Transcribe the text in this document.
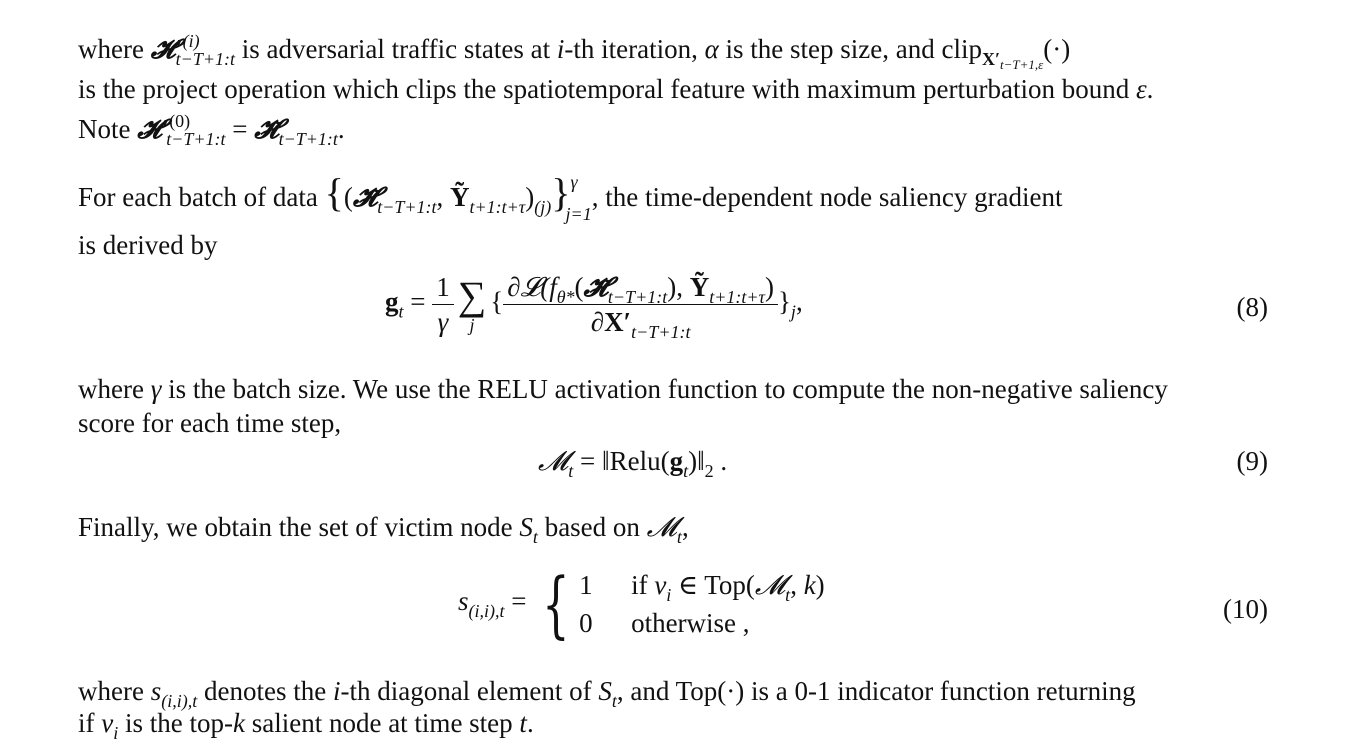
where $𝓗'^{(i)}_{t-T+1:t}$ is adversarial traffic states at i-th iteration, α is the step size, and clip$_{X'_{t-T+1,\varepsilon}}$(·)
is the project operation which clips the spatiotemporal feature with maximum perturbation bound ε.
Note $𝓗'^{(0)}_{t-T+1:t}$ = $𝓗̃_{t-T+1:t}$.
For each batch of data {($𝓗̃_{t-T+1:t}$, $Ỹ_{t+1:t+\tau})_{(j)}\}^\gamma_{j=1}$, the time-dependent node saliency gradient
is derived by
$g_t = \frac{1}{\gamma}$ ∑
j
{ $\frac{\partial 𝓛(f_{\theta*}(𝓗̃_{t-T+1:t}), Ỹ_{t+1:t+\tau})}{\partial X'_{t-T+1:t}} \}_j$,	(8)
where γ is the batch size. We use the RELU activation function to compute the non-negative saliency
score for each time step,
𝓜$_t$ = $‖Relu(g_t)‖_2$ .	(9)
Finally, we obtain the set of victim node $S_t$ based on 𝓜$_t$,
$s_{(i,i),t}$ = { 1 if $v_i$ ∈ Top(𝓜$_t$, k)
0 otherwise ,	(10)
where $s_{(i,i),t}$ denotes the i-th diagonal element of $S_t$, and Top(·) is a 0-1 indicator function returning
if $v_i$ is the top-k salient node at time step t.
